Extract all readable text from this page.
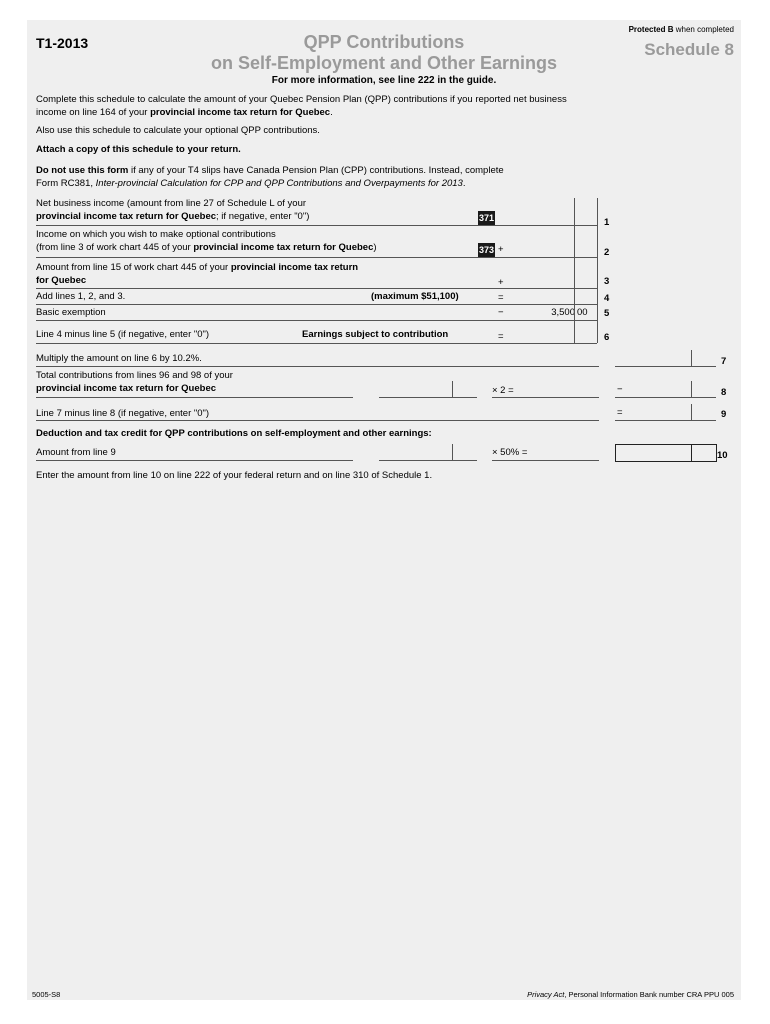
T1-2013	QPP Contributions
on Self-Employment and Other Earnings
Protected B when completed
Schedule 8
For more information, see line 222 in the guide.
Complete this schedule to calculate the amount of your Quebec Pension Plan (QPP) contributions if you reported net business
income on line 164 of your provincial income tax return for Quebec.
Also use this schedule to calculate your optional QPP contributions.
Attach a copy of this schedule to your return.
Do not use this form if any of your T4 slips have Canada Pension Plan (CPP) contributions. Instead, complete
Form RC381, Inter-provincial Calculation for CPP and QPP Contributions and Overpayments for 2013.
Net business income (amount from line 27 of Schedule L of your
provincial income tax return for Quebec; if negative, enter "0")	371	1
Income on which you wish to make optional contributions
(from line 3 of work chart 445 of your provincial income tax return for Quebec)	373 +	2
Amount from line 15 of work chart 445 of your provincial income tax return
for Quebec	+	3
Add lines 1, 2, and 3.	(maximum $51,100)	=	4
Basic exemption	−	3,500 00 5
Line 4 minus line 5 (if negative, enter "0")	Earnings subject to contribution	=	6
Multiply the amount on line 6 by 10.2%.	7
Total contributions from lines 96 and 98 of your
provincial income tax return for Quebec	× 2 =	−	8
Line 7 minus line 8 (if negative, enter "0")	=	9
Deduction and tax credit for QPP contributions on self-employment and other earnings:
Amount from line 9	× 50% =	10
Enter the amount from line 10 on line 222 of your federal return and on line 310 of Schedule 1.
5005-S8	Privacy Act, Personal Information Bank number CRA PPU 005
